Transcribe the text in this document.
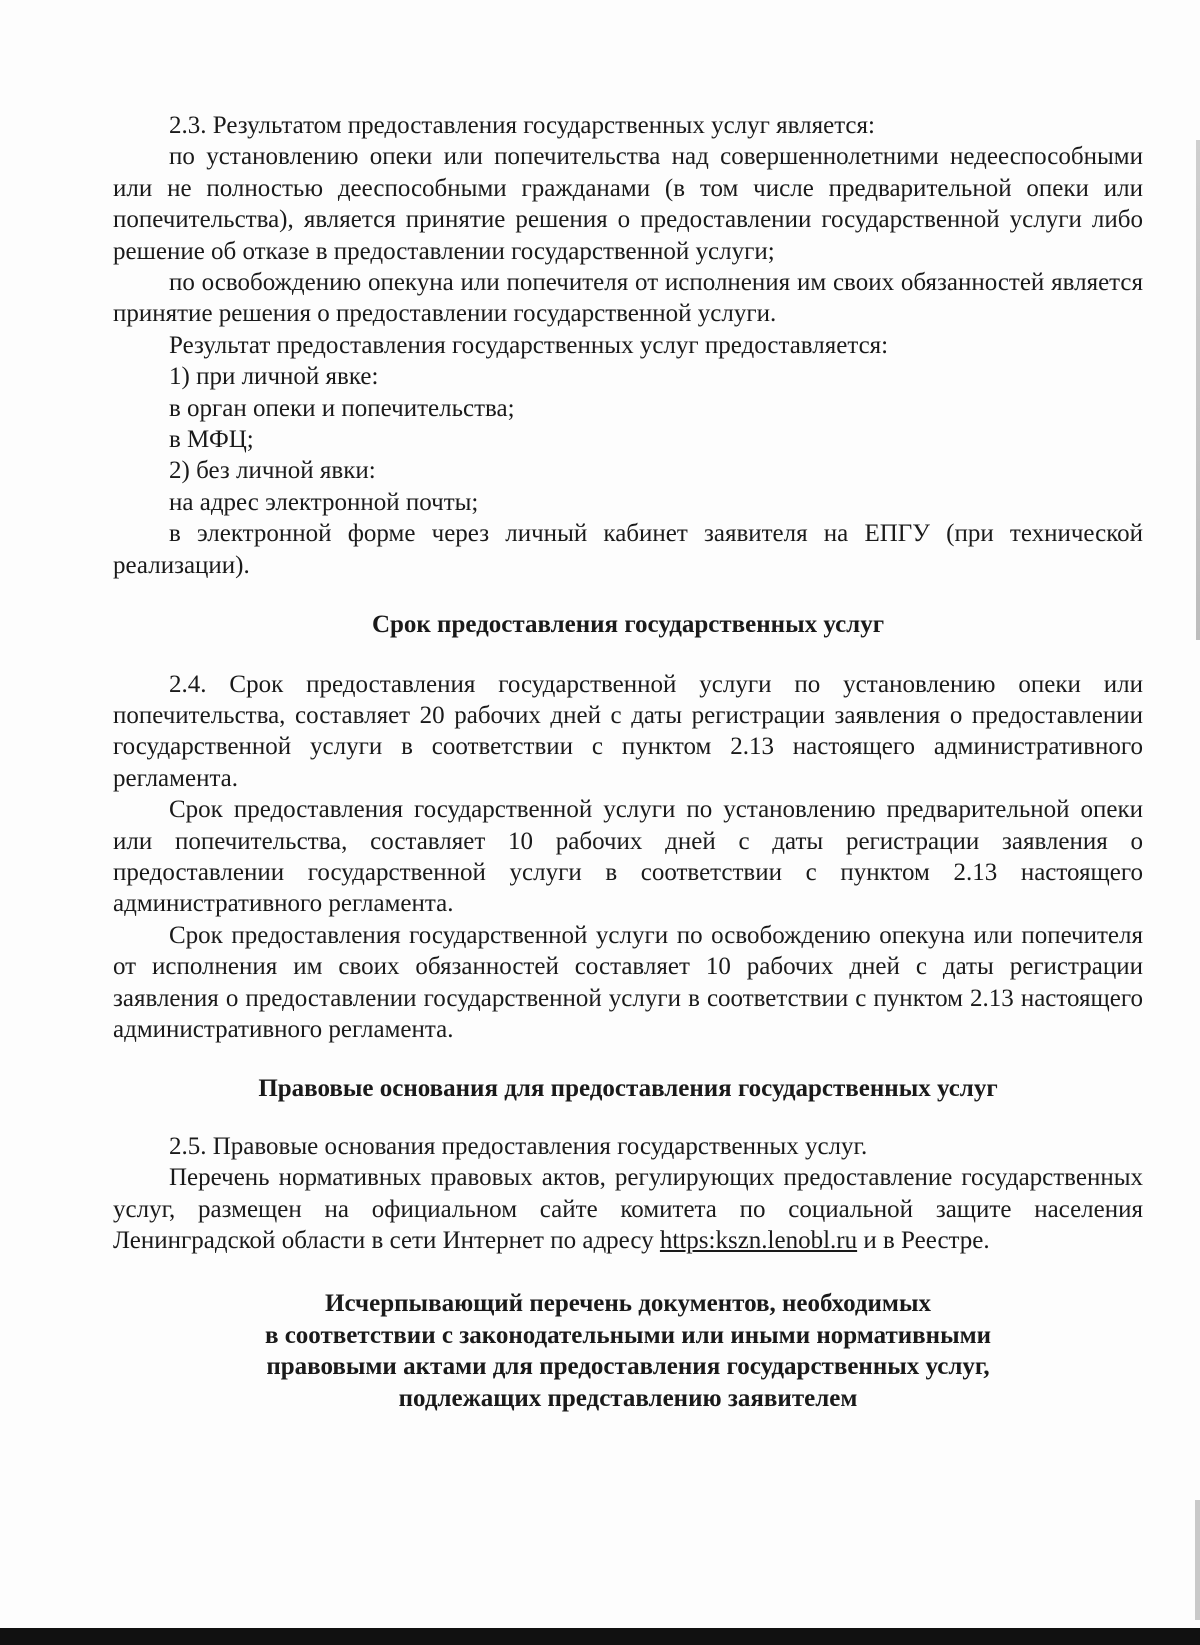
2.3. Результатом предоставления государственных услуг является:

по установлению опеки или попечительства над совершеннолетними недееспособными или не полностью дееспособными гражданами (в том числе предварительной опеки или попечительства), является принятие решения о предоставлении государственной услуги либо решение об отказе в предоставлении государственной услуги;

по освобождению опекуна или попечителя от исполнения им своих обязанностей является принятие решения о предоставлении государственной услуги.

Результат предоставления государственных услуг предоставляется:

1) при личной явке:

в орган опеки и попечительства;

в МФЦ;

2) без личной явки:

на адрес электронной почты;

в электронной форме через личный кабинет заявителя на ЕПГУ (при технической реализации).

Срок предоставления государственных услуг

2.4. Срок предоставления государственной услуги по установлению опеки или попечительства, составляет 20 рабочих дней с даты регистрации заявления о предоставлении государственной услуги в соответствии с пунктом 2.13 настоящего административного регламента.

Срок предоставления государственной услуги по установлению предварительной опеки или попечительства, составляет 10 рабочих дней с даты регистрации заявления о предоставлении государственной услуги в соответствии с пунктом 2.13 настоящего административного регламента.

Срок предоставления государственной услуги по освобождению опекуна или попечителя от исполнения им своих обязанностей составляет 10 рабочих дней с даты регистрации заявления о предоставлении государственной услуги в соответствии с пунктом 2.13 настоящего административного регламента.

Правовые основания для предоставления государственных услуг

2.5. Правовые основания предоставления государственных услуг.

Перечень нормативных правовых актов, регулирующих предоставление государственных услуг, размещен на официальном сайте комитета по социальной защите населения Ленинградской области в сети Интернет по адресу https:kszn.lenobl.ru и в Реестре.

Исчерпывающий перечень документов, необходимых

в соответствии с законодательными или иными нормативными

правовыми актами для предоставления государственных услуг,

подлежащих представлению заявителем
